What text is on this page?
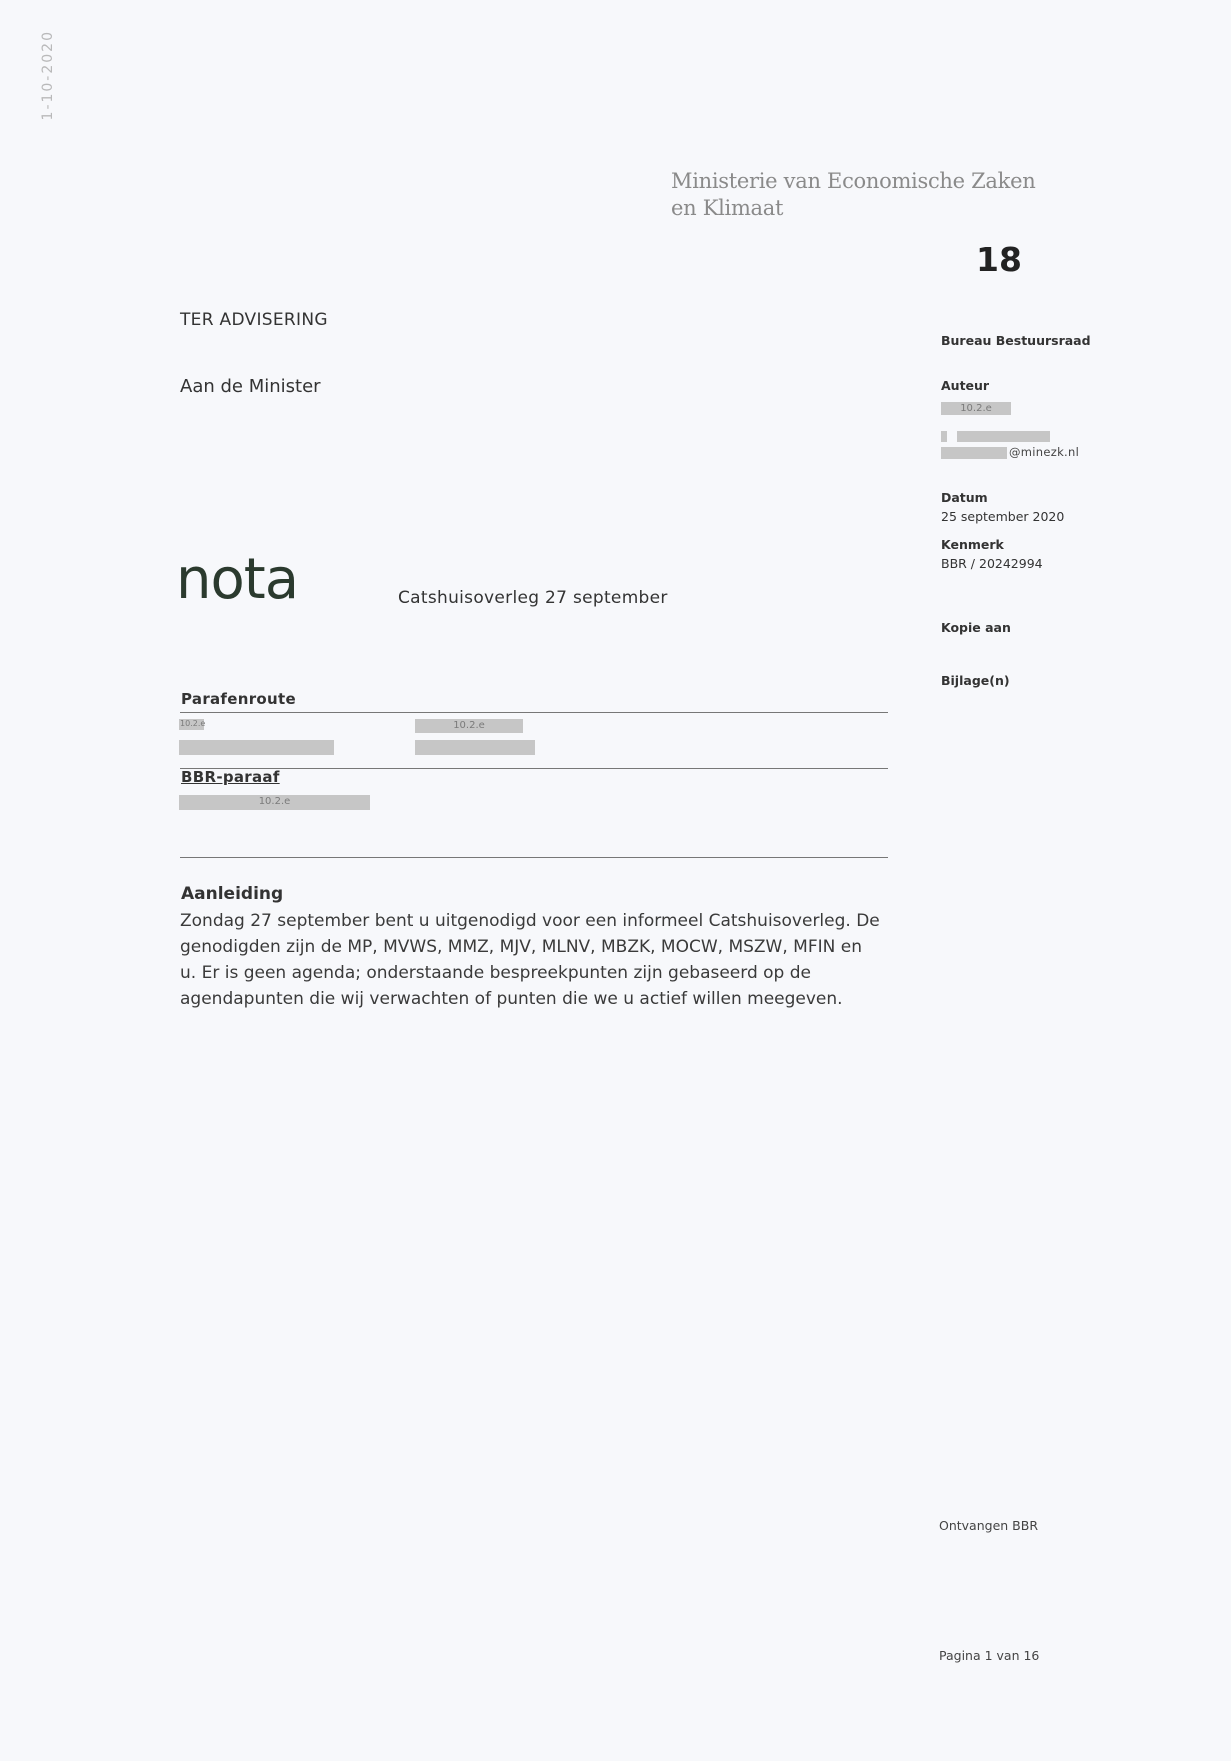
1-10-2020
Ministerie van Economische Zaken
en Klimaat
18
TER ADVISERING
Aan de Minister
nota	Catshuisoverleg 27 september
Bureau Bestuursraad
Auteur
10.2.e
@minezk.nl
Datum
25 september 2020
Kenmerk
BBR / 20242994
Kopie aan
Bijlage(n)
Parafenroute
10.2.e	10.2.e
BBR-paraaf
10.2.e
Aanleiding

Zondag 27 september bent u uitgenodigd voor een informeel Catshuisoverleg. De

genodigden zijn de MP, MVWS, MMZ, MJV, MLNV, MBZK, MOCW, MSZW, MFIN en

u. Er is geen agenda; onderstaande bespreekpunten zijn gebaseerd op de

agendapunten die wij verwachten of punten die we u actief willen meegeven.

Ontvangen BBR
Pagina 1 van 16
